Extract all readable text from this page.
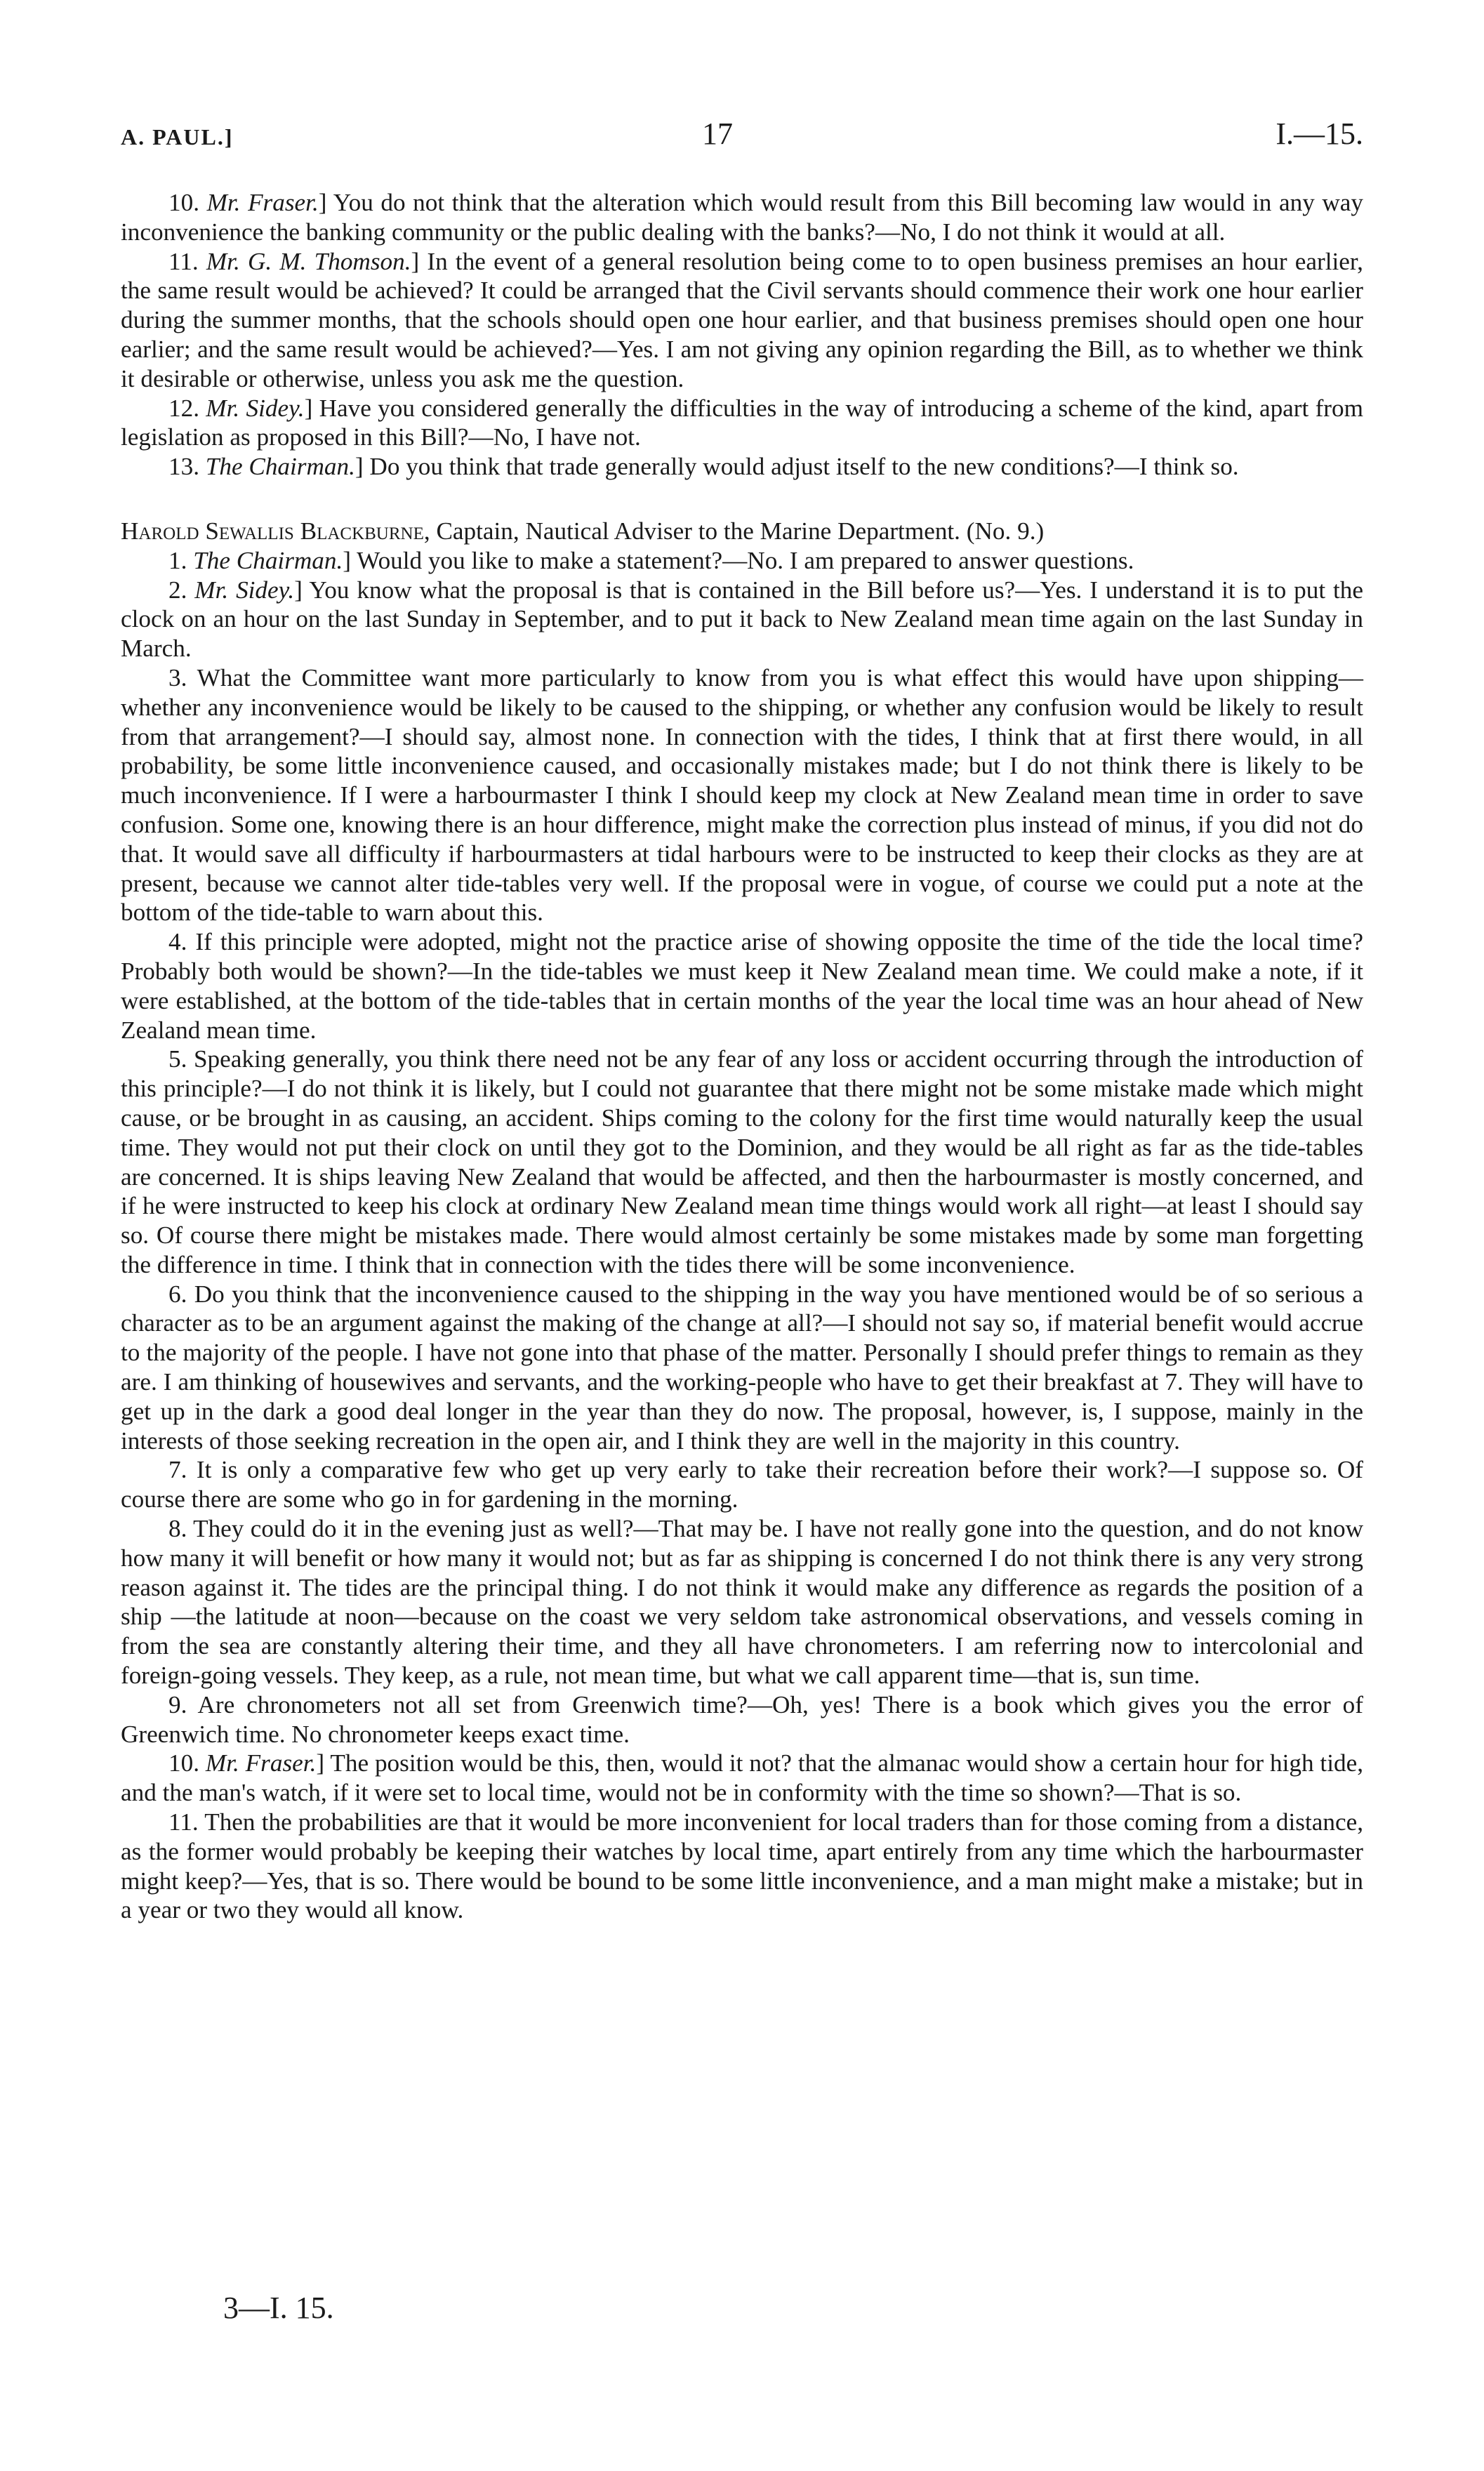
A. PAUL.]	17	I.—15.

10. Mr. Fraser.] You do not think that the alteration which would result from this Bill becoming law would in any way inconvenience the banking community or the public dealing with the banks?—No, I do not think it would at all.

11. Mr. G. M. Thomson.] In the event of a general resolution being come to to open business premises an hour earlier, the same result would be achieved? It could be arranged that the Civil servants should commence their work one hour earlier during the summer months, that the schools should open one hour earlier, and that business premises should open one hour earlier; and the same result would be achieved?—Yes. I am not giving any opinion regarding the Bill, as to whether we think it desirable or otherwise, unless you ask me the question.

12. Mr. Sidey.] Have you considered generally the difficulties in the way of introducing a scheme of the kind, apart from legislation as proposed in this Bill?—No, I have not.

13. The Chairman.] Do you think that trade generally would adjust itself to the new conditions?—I think so.

Harold Sewallis Blackburne, Captain, Nautical Adviser to the Marine Department. (No. 9.)

1. The Chairman.] Would you like to make a statement?—No. I am prepared to answer questions.

2. Mr. Sidey.] You know what the proposal is that is contained in the Bill before us?—Yes. I understand it is to put the clock on an hour on the last Sunday in September, and to put it back to New Zealand mean time again on the last Sunday in March.

3. What the Committee want more particularly to know from you is what effect this would have upon shipping—whether any inconvenience would be likely to be caused to the shipping, or whether any confusion would be likely to result from that arrangement?—I should say, almost none. In connection with the tides, I think that at first there would, in all probability, be some little inconvenience caused, and occasionally mistakes made; but I do not think there is likely to be much inconvenience. If I were a harbourmaster I think I should keep my clock at New Zealand mean time in order to save confusion. Some one, knowing there is an hour difference, might make the correction plus instead of minus, if you did not do that. It would save all difficulty if harbourmasters at tidal harbours were to be instructed to keep their clocks as they are at present, because we cannot alter tide-tables very well. If the proposal were in vogue, of course we could put a note at the bottom of the tide-table to warn about this.

4. If this principle were adopted, might not the practice arise of showing opposite the time of the tide the local time? Probably both would be shown?—In the tide-tables we must keep it New Zealand mean time. We could make a note, if it were established, at the bottom of the tide-tables that in certain months of the year the local time was an hour ahead of New Zealand mean time.

5. Speaking generally, you think there need not be any fear of any loss or accident occurring through the introduction of this principle?—I do not think it is likely, but I could not guarantee that there might not be some mistake made which might cause, or be brought in as causing, an accident. Ships coming to the colony for the first time would naturally keep the usual time. They would not put their clock on until they got to the Dominion, and they would be all right as far as the tide-tables are concerned. It is ships leaving New Zealand that would be affected, and then the harbourmaster is mostly concerned, and if he were instructed to keep his clock at ordinary New Zealand mean time things would work all right—at least I should say so. Of course there might be mistakes made. There would almost certainly be some mistakes made by some man forgetting the difference in time. I think that in connection with the tides there will be some inconvenience.

6. Do you think that the inconvenience caused to the shipping in the way you have mentioned would be of so serious a character as to be an argument against the making of the change at all?—I should not say so, if material benefit would accrue to the majority of the people. I have not gone into that phase of the matter. Personally I should prefer things to remain as they are. I am thinking of housewives and servants, and the working-people who have to get their breakfast at 7. They will have to get up in the dark a good deal longer in the year than they do now. The proposal, however, is, I suppose, mainly in the interests of those seeking recreation in the open air, and I think they are well in the majority in this country.

7. It is only a comparative few who get up very early to take their recreation before their work?—I suppose so. Of course there are some who go in for gardening in the morning.

8. They could do it in the evening just as well?—That may be. I have not really gone into the question, and do not know how many it will benefit or how many it would not; but as far as shipping is concerned I do not think there is any very strong reason against it. The tides are the principal thing. I do not think it would make any difference as regards the position of a ship —the latitude at noon—because on the coast we very seldom take astronomical observations, and vessels coming in from the sea are constantly altering their time, and they all have chronometers. I am referring now to intercolonial and foreign-going vessels. They keep, as a rule, not mean time, but what we call apparent time—that is, sun time.

9. Are chronometers not all set from Greenwich time?—Oh, yes! There is a book which gives you the error of Greenwich time. No chronometer keeps exact time.

10. Mr. Fraser.] The position would be this, then, would it not? that the almanac would show a certain hour for high tide, and the man's watch, if it were set to local time, would not be in conformity with the time so shown?—That is so.

11. Then the probabilities are that it would be more inconvenient for local traders than for those coming from a distance, as the former would probably be keeping their watches by local time, apart entirely from any time which the harbourmaster might keep?—Yes, that is so. There would be bound to be some little inconvenience, and a man might make a mistake; but in a year or two they would all know.

3—I. 15.
